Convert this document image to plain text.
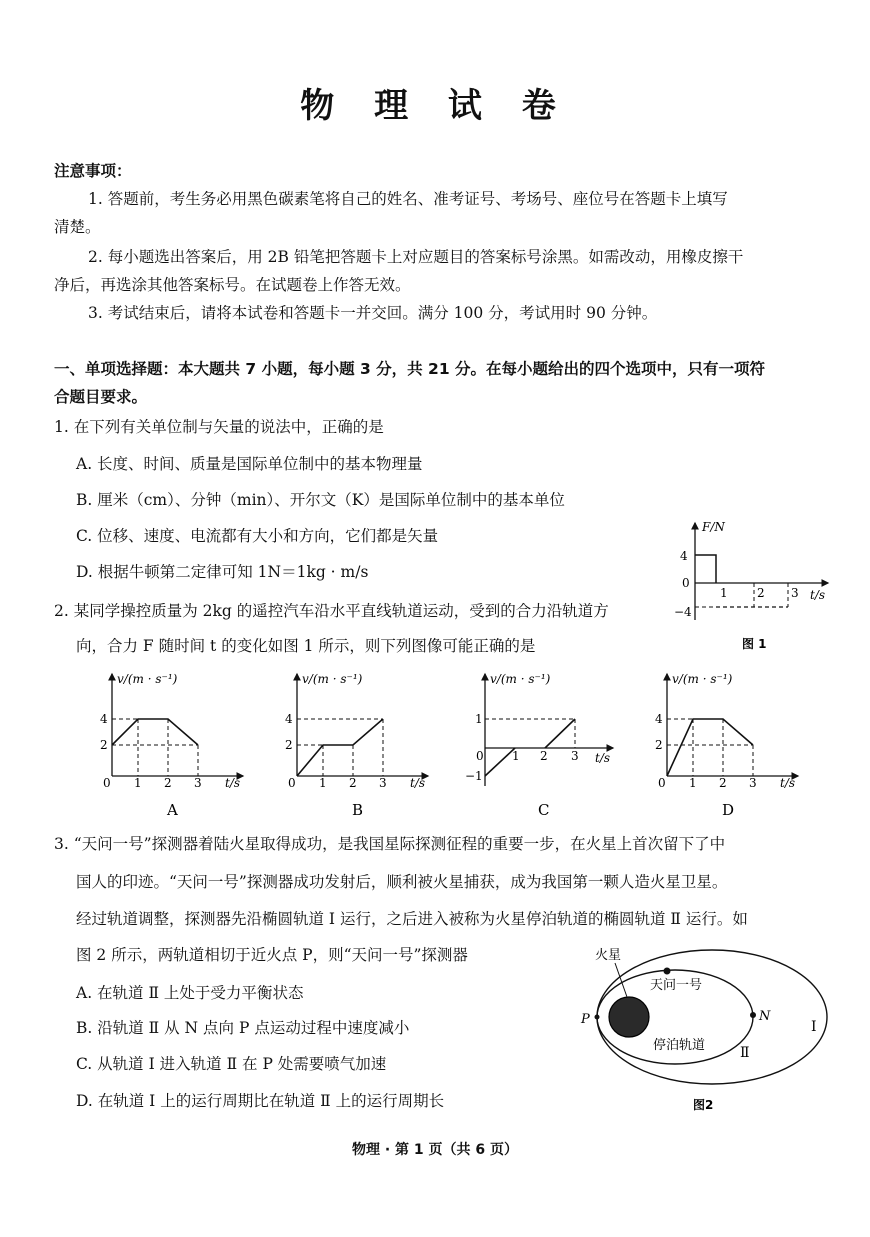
物 理 试 卷
注意事项：
1. 答题前，考生务必用黑色碳素笔将自己的姓名、准考证号、考场号、座位号在答题卡上填写
清楚。
2. 每小题选出答案后，用 2B 铅笔把答题卡上对应题目的答案标号涂黑。如需改动，用橡皮擦干
净后，再选涂其他答案标号。在试题卷上作答无效。
3. 考试结束后，请将本试卷和答题卡一并交回。满分 100 分，考试用时 90 分钟。
一、单项选择题：本大题共 7 小题，每小题 3 分，共 21 分。在每小题给出的四个选项中，只有一项符
合题目要求。
1. 在下列有关单位制与矢量的说法中，正确的是
A. 长度、时间、质量是国际单位制中的基本物理量
B. 厘米（cm）、分钟（min）、开尔文（K）是国际单位制中的基本单位
C. 位移、速度、电流都有大小和方向，它们都是矢量
D. 根据牛顿第二定律可知 1N＝1kg · m/s
2. 某同学操控质量为 2kg 的遥控汽车沿水平直线轨道运动，受到的合力沿轨道方
向，合力 F 随时间 t 的变化如图 1 所示，则下列图像可能正确的是
F/N
t/s
4
0
−4
1 2 3
图 1
v/(m · s⁻¹)
t/s
4
2
0 1 2 3
A
v/(m · s⁻¹)
t/s
4
2
0 1 2 3
B
v/(m · s⁻¹)
t/s
1
0
−1
1 2 3
C
v/(m · s⁻¹)
t/s
4
2
0 1 2 3
D
3. “天问一号”探测器着陆火星取得成功，是我国星际探测征程的重要一步，在火星上首次留下了中
国人的印迹。“天问一号”探测器成功发射后，顺利被火星捕获，成为我国第一颗人造火星卫星。
经过轨道调整，探测器先沿椭圆轨道 Ⅰ 运行，之后进入被称为火星停泊轨道的椭圆轨道 Ⅱ 运行。如
图 2 所示，两轨道相切于近火点 P，则“天问一号”探测器
A. 在轨道 Ⅱ 上处于受力平衡状态
B. 沿轨道 Ⅱ 从 N 点向 P 点运动过程中速度减小
C. 从轨道 Ⅰ 进入轨道 Ⅱ 在 P 处需要喷气加速
D. 在轨道 Ⅰ 上的运行周期比在轨道 Ⅱ 上的运行周期长
火星
天问一号
P	N
Ⅰ
Ⅱ
停泊轨道
图2
物理 · 第 1 页（共 6 页）
